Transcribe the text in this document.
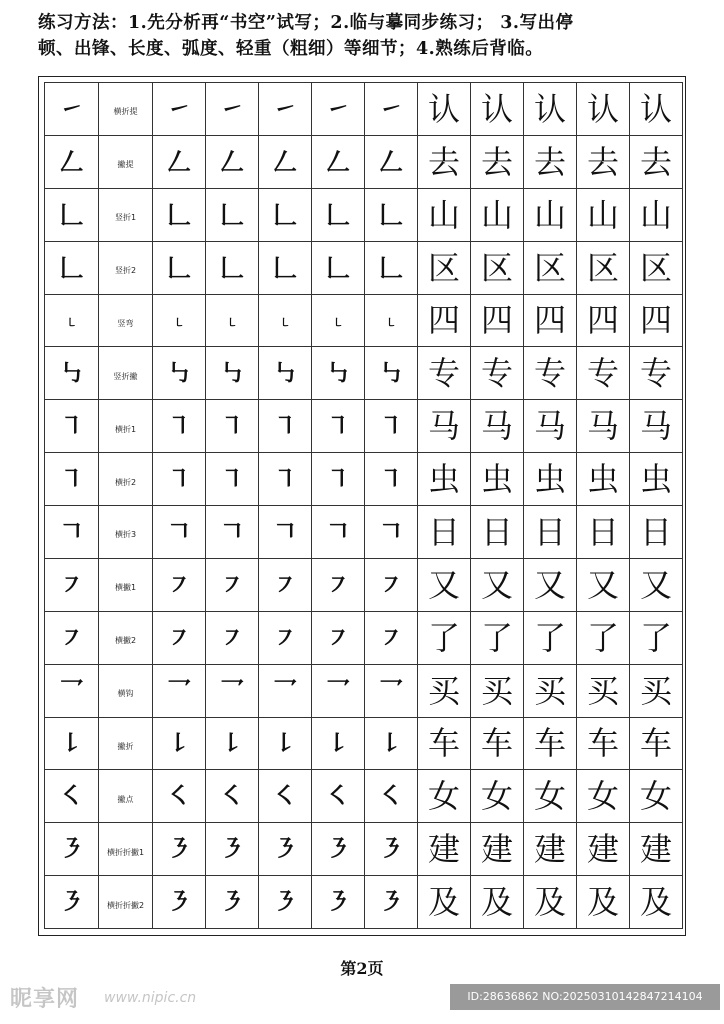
练习方法：1.先分析再“书空”试写；2.临与摹同步练习； 3.写出停
顿、出锋、长度、弧度、轻重（粗细）等细节；4.熟练后背临。
㇀	横折提	㇀	㇀	㇀	㇀	㇀	认	认	认	认	认
𠃋	撇提	𠃋	𠃋	𠃋	𠃋	𠃋	去	去	去	去	去
𠃊	竖折1	𠃊	𠃊	𠃊	𠃊	𠃊	山	山	山	山	山
𠃊	竖折2	𠃊	𠃊	𠃊	𠃊	𠃊	区	区	区	区	区
㇄	竖弯	㇄	㇄	㇄	㇄	㇄	四	四	四	四	四
㇉	竖折撇	㇉	㇉	㇉	㇉	㇉	专	专	专	专	专
㇕	横折1	㇕	㇕	㇕	㇕	㇕	马	马	马	马	马
㇕	横折2	㇕	㇕	㇕	㇕	㇕	虫	虫	虫	虫	虫
𠃍	横折3	𠃍	𠃍	𠃍	𠃍	𠃍	日	日	日	日	日
㇇	横撇1	㇇	㇇	㇇	㇇	㇇	又	又	又	又	又
㇇	横撇2	㇇	㇇	㇇	㇇	㇇	了	了	了	了	了
乛	横钩	乛	乛	乛	乛	乛	买	买	买	买	买
㇙	撇折	㇙	㇙	㇙	㇙	㇙	车	车	车	车	车
㇛	撇点	㇛	㇛	㇛	㇛	㇛	女	女	女	女	女
㇋	横折折撇1	㇋	㇋	㇋	㇋	㇋	建	建	建	建	建
㇋	横折折撇2	㇋	㇋	㇋	㇋	㇋	及	及	及	及	及
第2页
昵享网 www.nipic.cn	ID:28636862 NO:20250310142847214104
